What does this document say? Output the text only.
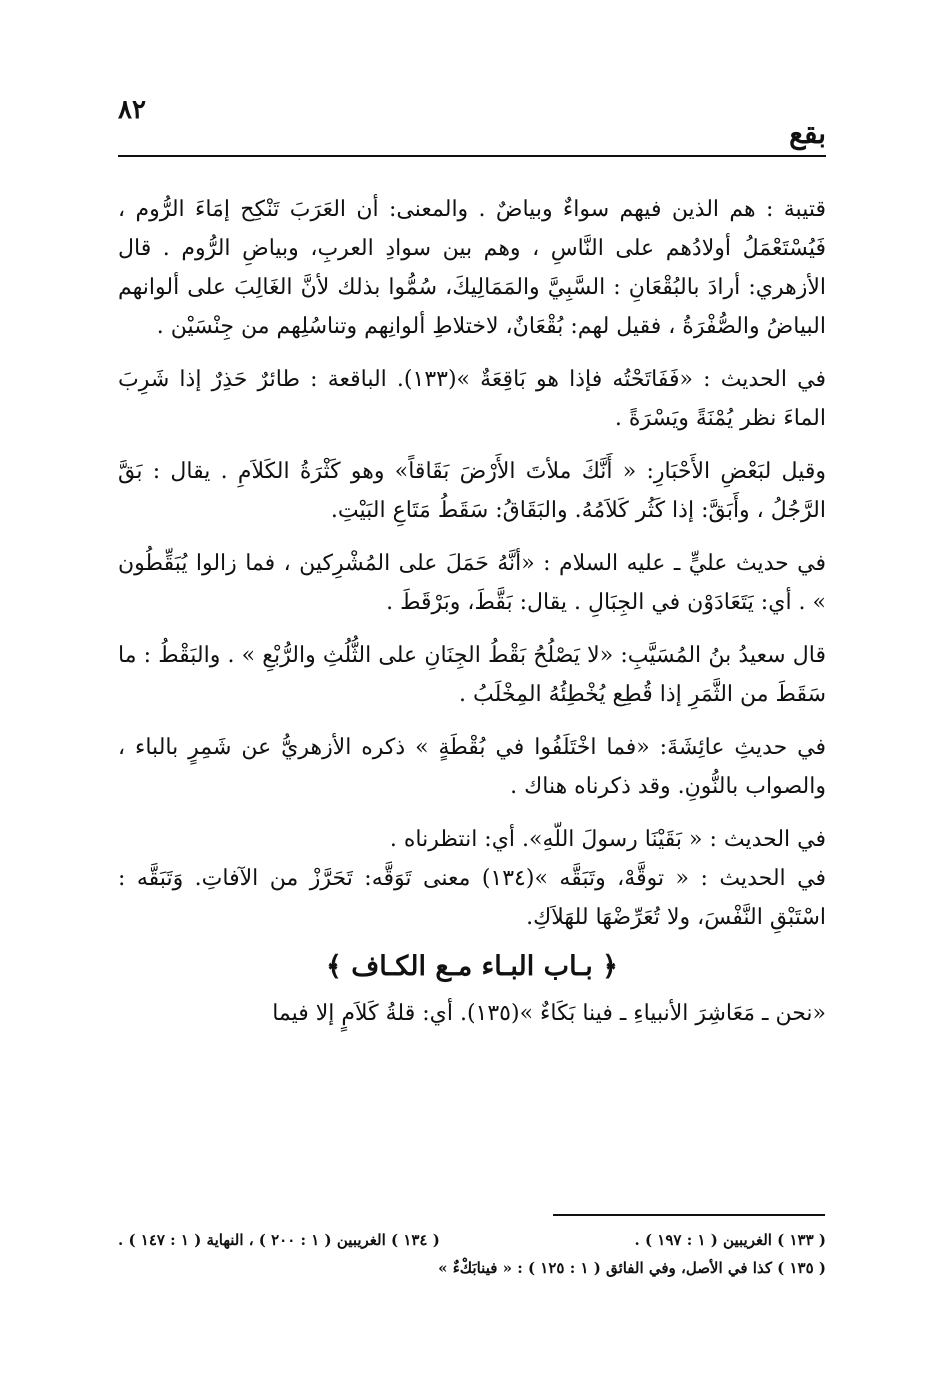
٨٢
بقع

قتيبة : هم الذين فيهم سواءٌ وبياضٌ . والمعنى: أن العَرَبَ تَنْكِح إمَاءَ الرُّوم ، فَيُسْتَعْمَلُ أولادُهم على النَّاسِ ، وهم بين سوادِ العربِ، وبياضِ الرُّوم . قال الأزهري: أرادَ بالبُقْعَانِ : السَّبِيَّ والمَمَالِيكَ، سُمُّوا بذلك لأنَّ الغَالِبَ على ألوانهم البياضُ والصُّفْرَةُ ، فقيل لهم: بُقْعَانٌ، لاختلاطِ ألوانِهم وتناسُلِهم من جِنْسَيْن .

في الحديث : «فَفَاتَحْتُه فإذا هو بَاقِعَةٌ »(١٣٣). الباقعة : طائرٌ حَذِرٌ إذا شَرِبَ الماءَ نظر يُمْنَةً ويَسْرَةً .

وقيل لبَعْضِ الأَحْبَارِ: « أَنَّكَ ملأتَ الأَرْضَ بَقَاقاً» وهو كَثْرَةُ الكَلاَمِ . يقال : بَقَّ الرَّجُلُ ، وأَبَقَّ: إذا كَثُر كَلاَمُهُ. والبَقَاقُ: سَقَطُ مَتَاعِ البَيْتِ.

في حديث عليٍّ ـ عليه السلام : «أنَّهُ حَمَلَ على المُشْرِكين ، فما زالوا يُبَقِّطُون » . أي: يَتَعَادَوْن في الجِبَالِ . يقال: بَقَّطَ، وبَرْقَطَ .

قال سعيدُ بنُ المُسَيَّبِ: «لا يَصْلُحُ بَقْطُ الجِنَانِ على الثُّلُثِ والرُّبْعِ » . والبَقْطُ : ما سَقَطَ من الثَّمَرِ إذا قُطِع يُخْطِئُهُ المِخْلَبُ .

في حديثِ عائِشَةَ: «فما اخْتَلَفُوا في بُقْطَةٍ » ذكره الأزهريُّ عن شَمِرٍ بالباء ، والصواب بالنُّونِ. وقد ذكرناه هناك .

في الحديث : « بَقَيْنَا رسولَ اللّهِ». أي: انتظرناه .

في الحديث : « توقَّهْ، وتَبَقَّه »(١٣٤) معنى تَوَقَّه: تَحَرَّزْ من الآفاتِ. وَتَبَقَّه : اسْتَبْقِ النَّفْسَ، ولا تُعَرِّضْهَا للهَلاَكِ.

﴿ بـاب البـاء مـع الكـاف ﴾

«نحن ـ مَعَاشِرَ الأنبياءِ ـ فينا بَكَاءٌ »(١٣٥). أي: قلةُ كَلاَمٍ إلا فيما

( ١٣٣ ) الغريبين ( ١ : ١٩٧ ) .
( ١٣٤ ) الغريبين ( ١ : ٢٠٠ ) ، النهاية ( ١ : ١٤٧ ) .
( ١٣٥ ) كذا في الأصل، وفي الفائق ( ١ : ١٢٥ ) : « فينابَكْءٌ »
